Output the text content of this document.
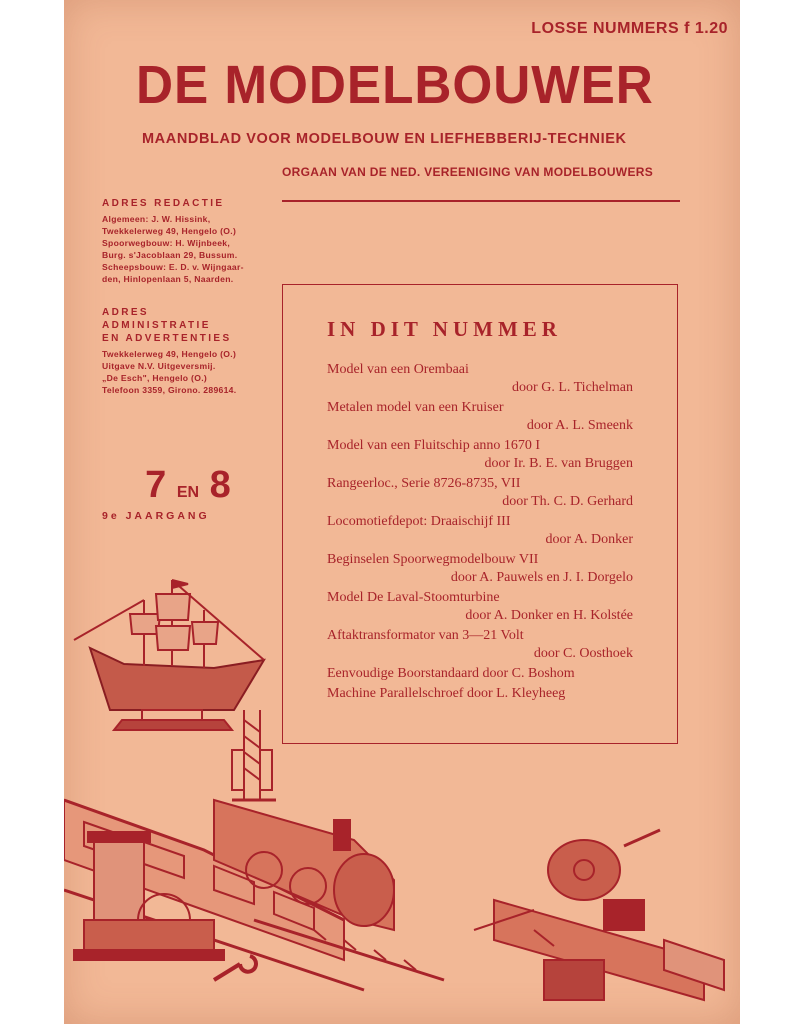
LOSSE NUMMERS f 1.20
DE MODELBOUWER
MAANDBLAD VOOR MODELBOUW EN LIEFHEBBERIJ-TECHNIEK
ORGAAN VAN DE NED. VEREENIGING VAN MODELBOUWERS
ADRES REDACTIE
Algemeen: J. W. Hissink,
Twekkelerweg 49, Hengelo (O.)
Spoorwegbouw: H. Wijnbeek,
Burg. s'Jacoblaan 29, Bussum.
Scheepsbouw: E. D. v. Wijngaar-
den, Hinlopenlaan 5, Naarden.
ADRES ADMINISTRATIE
EN ADVERTENTIES
Twekkelerweg 49, Hengelo (O.)
Uitgave N.V. Uitgeversmij.
„De Esch", Hengelo (O.)
Telefoon 3359, Girono. 289614.
7 EN 8
9e JAARGANG
IN DIT NUMMER
Model van een Orembaai
door G. L. Tichelman
Metalen model van een Kruiser
door A. L. Smeenk
Model van een Fluitschip anno 1670 I
door Ir. B. E. van Bruggen
Rangeerloc., Serie 8726-8735, VII
door Th. C. D. Gerhard
Locomotiefdepot: Draaischijf III
door A. Donker
Beginselen Spoorwegmodelbouw VII
door A. Pauwels en J. I. Dorgelo
Model De Laval-Stoomturbine
door A. Donker en H. Kolstée
Aftaktransformator van 3—21 Volt
door C. Oosthoek
Eenvoudige Boorstandaard door C. Boshom
Machine Parallelschroef door L. Kleyheeg
